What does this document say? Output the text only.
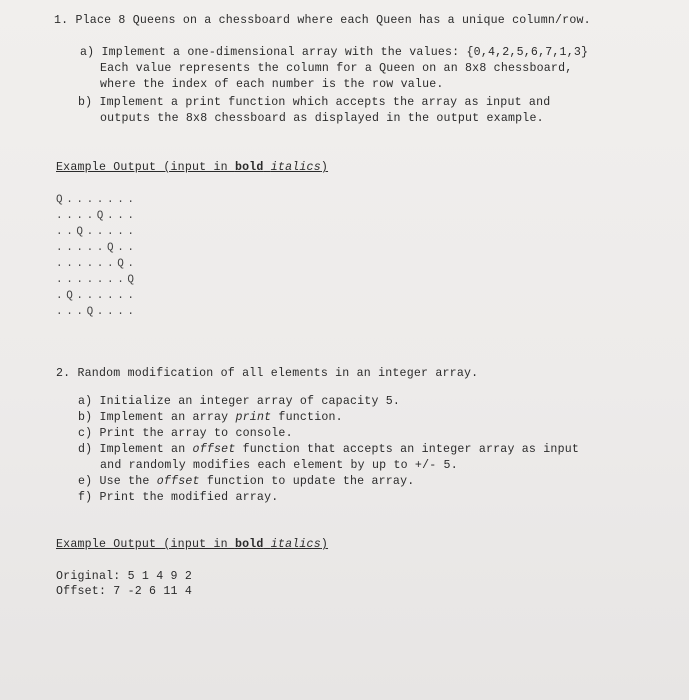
1. Place 8 Queens on a chessboard where each Queen has a unique column/row.
a) Implement a one-dimensional array with the values: {0,4,2,5,6,7,1,3}
Each value represents the column for a Queen on an 8x8 chessboard,
where the index of each number is the row value.
b) Implement a print function which accepts the array as input and
outputs the 8x8 chessboard as displayed in the output example.
Example Output (input in bold italics)
Q.......
....Q...
..Q.....
.....Q..
......Q.
.......Q
.Q......
...Q....
2. Random modification of all elements in an integer array.
a) Initialize an integer array of capacity 5.
b) Implement an array print function.
c) Print the array to console.
d) Implement an offset function that accepts an integer array as input
and randomly modifies each element by up to +/- 5.
e) Use the offset function to update the array.
f) Print the modified array.
Example Output (input in bold italics)
Original: 5 1 4 9 2
Offset: 7 -2 6 11 4
